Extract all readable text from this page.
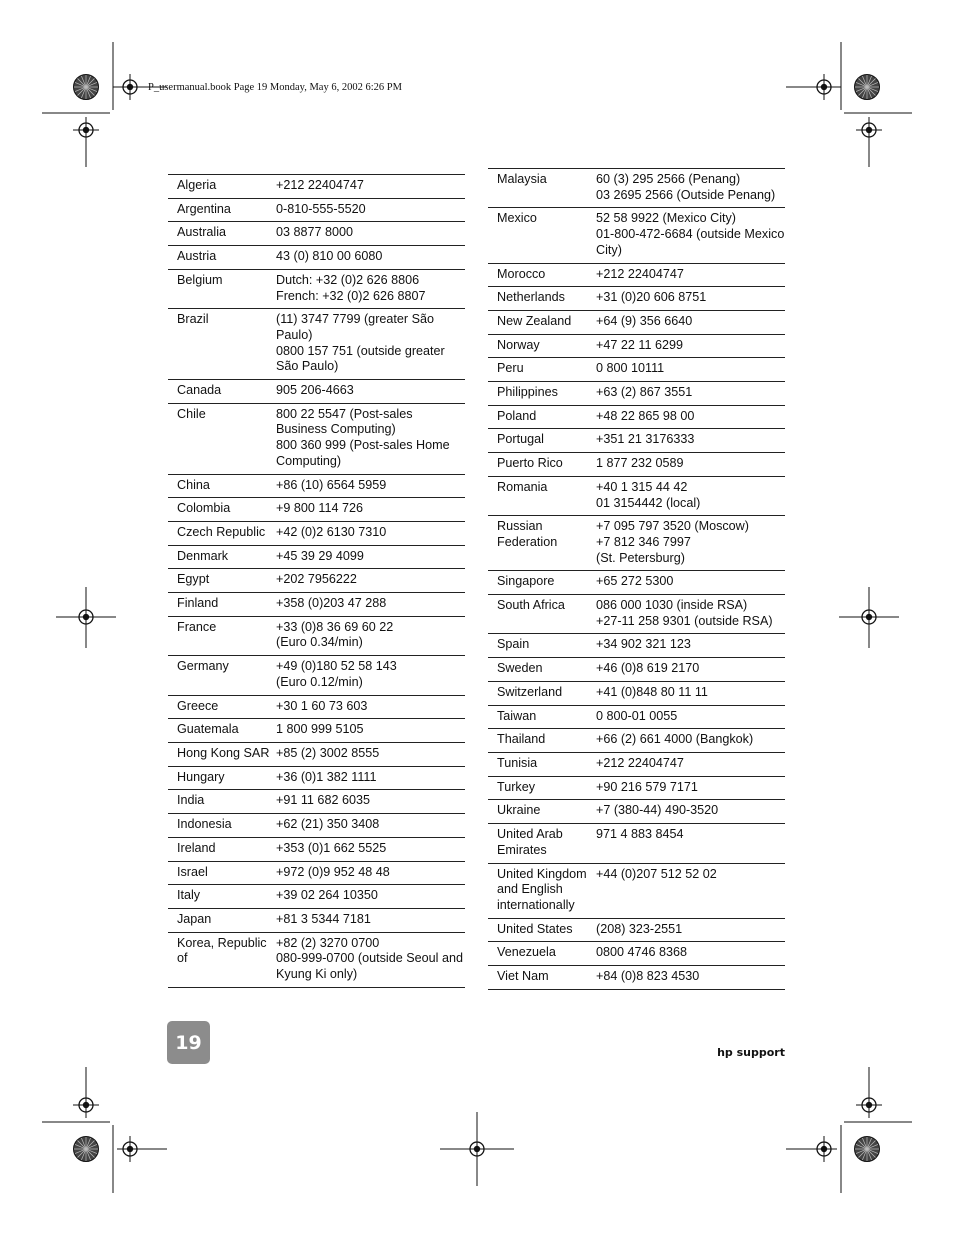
P_usermanual.book Page 19 Monday, May 6, 2002 6:26 PM
Algeria	+212 22404747
Argentina	0-810-555-5520
Australia	03 8877 8000
Austria	43 (0) 810 00 6080
Belgium	Dutch: +32 (0)2 626 8806
French: +32 (0)2 626 8807
Brazil	(11) 3747 7799 (greater São Paulo)
0800 157 751 (outside greater São Paulo)
Canada	905 206-4663
Chile	800 22 5547 (Post-sales Business Computing)
800 360 999 (Post-sales Home Computing)
China	+86 (10) 6564 5959
Colombia	+9 800 114 726
Czech Republic	+42 (0)2 6130 7310
Denmark	+45 39 29 4099
Egypt	+202 7956222
Finland	+358 (0)203 47 288
France	+33 (0)8 36 69 60 22
(Euro 0.34/min)
Germany	+49 (0)180 52 58 143
(Euro 0.12/min)
Greece	+30 1 60 73 603
Guatemala	1 800 999 5105
Hong Kong SAR	+85 (2) 3002 8555
Hungary	+36 (0)1 382 1111
India	+91 11 682 6035
Indonesia	+62 (21) 350 3408
Ireland	+353 (0)1 662 5525
Israel	+972 (0)9 952 48 48
Italy	+39 02 264 10350
Japan	+81 3 5344 7181
Korea, Republic of	+82 (2) 3270 0700
080-999-0700 (outside Seoul and Kyung Ki only)
Malaysia	60 (3) 295 2566 (Penang)
03 2695 2566 (Outside Penang)
Mexico	52 58 9922 (Mexico City)
01-800-472-6684 (outside Mexico City)
Morocco	+212 22404747
Netherlands	+31 (0)20 606 8751
New Zealand	+64 (9) 356 6640
Norway	+47 22 11 6299
Peru	0 800 10111
Philippines	+63 (2) 867 3551
Poland	+48 22 865 98 00
Portugal	+351 21 3176333
Puerto Rico	1 877 232 0589
Romania	+40 1 315 44 42
01 3154442 (local)
Russian Federation	+7 095 797 3520 (Moscow)
+7 812 346 7997
(St. Petersburg)
Singapore	+65 272 5300
South Africa	086 000 1030 (inside RSA)
+27-11 258 9301 (outside RSA)
Spain	+34 902 321 123
Sweden	+46 (0)8 619 2170
Switzerland	+41 (0)848 80 11 11
Taiwan	0 800-01 0055
Thailand	+66 (2) 661 4000 (Bangkok)
Tunisia	+212 22404747
Turkey	+90 216 579 7171
Ukraine	+7 (380-44) 490-3520
United Arab Emirates	971 4 883 8454
United Kingdom and English internationally	+44 (0)207 512 52 02
United States	(208) 323-2551
Venezuela	0800 4746 8368
Viet Nam	+84 (0)8 823 4530
19	hp support
